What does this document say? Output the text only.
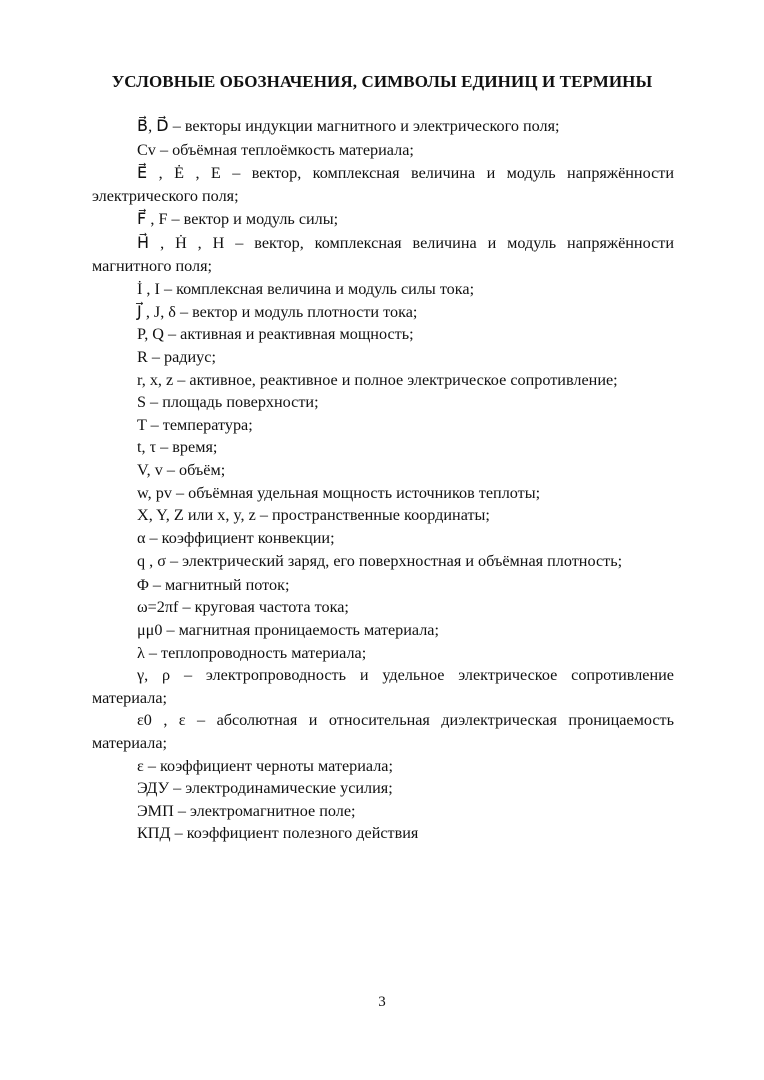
УСЛОВНЫЕ ОБОЗНАЧЕНИЯ, СИМВОЛЫ ЕДИНИЦ И ТЕРМИНЫ

B⃗, D⃗ – векторы индукции магнитного и электрического поля;

Cv – объёмная теплоёмкость материала;

E⃗ , Ė , E – вектор, комплексная величина и модуль напряжённости электрического поля;

F⃗ , F – вектор и модуль силы;

H⃗ , Ḣ , H – вектор, комплексная величина и модуль напряжённости магнитного поля;

İ , I – комплексная величина и модуль силы тока;

J⃗ , J, δ – вектор и модуль плотности тока;

P, Q – активная и реактивная мощность;

R – радиус;

r, x, z – активное, реактивное и полное электрическое сопротивление;

S – площадь поверхности;

T – температура;

t, τ – время;

V, v – объём;

w, pv – объёмная удельная мощность источников теплоты;

X, Y, Z или x, y, z – пространственные координаты;

α – коэффициент конвекции;

q , σ – электрический заряд, его поверхностная и объёмная плотность;

Φ – магнитный поток;

ω=2πf – круговая частота тока;

μμ0 – магнитная проницаемость материала;

λ – теплопроводность материала;

γ, ρ – электропроводность и удельное электрическое сопротивление материала;

ε0 , ε – абсолютная и относительная диэлектрическая проницаемость материала;

ε – коэффициент черноты материала;

ЭДУ – электродинамические усилия;

ЭМП – электромагнитное поле;

КПД – коэффициент полезного действия

3
